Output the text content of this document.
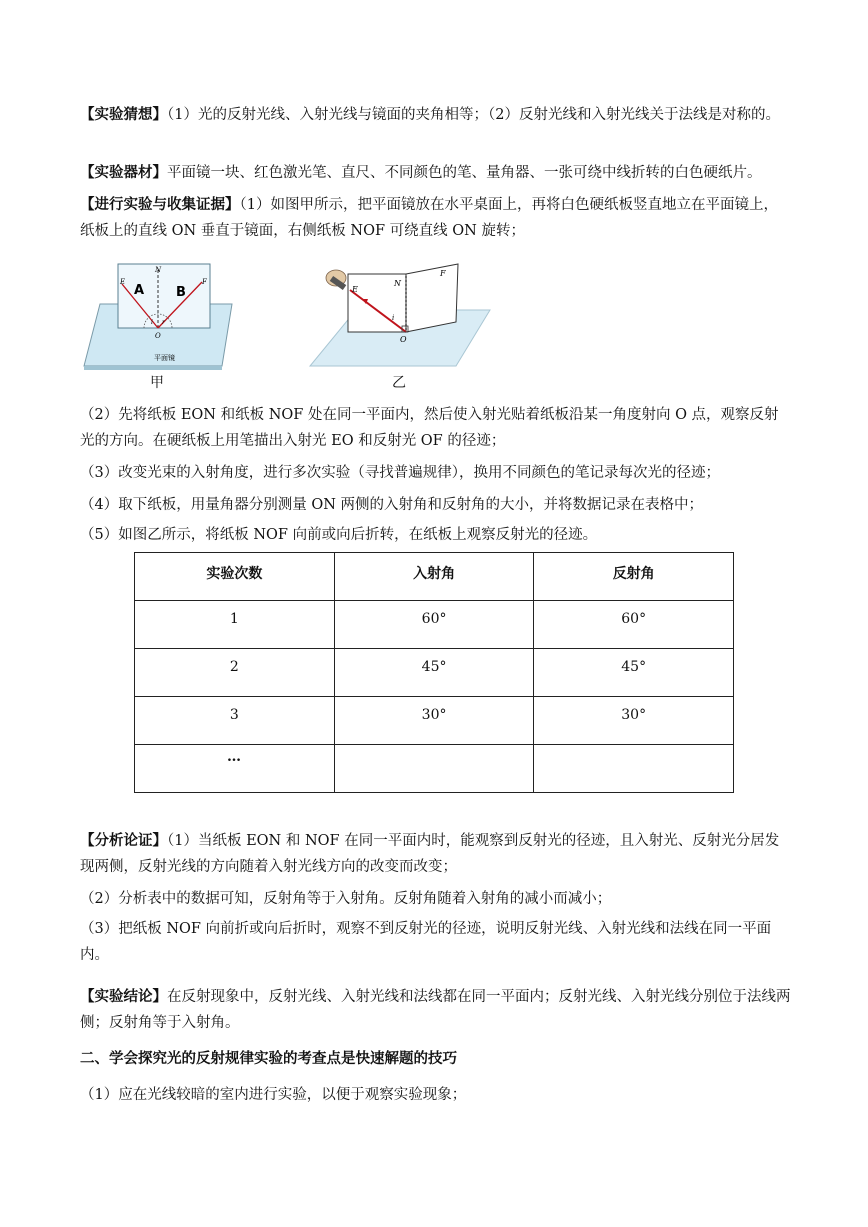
【实验猜想】（1）光的反射光线、入射光线与镜面的夹角相等；（2）反射光线和入射光线关于法线是对称的。
【实验器材】平面镜一块、红色激光笔、直尺、不同颜色的笔、量角器、一张可绕中线折转的白色硬纸片。
【进行实验与收集证据】（1）如图甲所示，把平面镜放在水平桌面上，再将白色硬纸板竖直地立在平面镜上，纸板上的直线 ON 垂直于镜面，右侧纸板 NOF 可绕直线 ON 旋转；
A B
N
E	F
O
i r
平面镜
甲
N
E
F
O
i
乙
（2）先将纸板 EON 和纸板 NOF 处在同一平面内，然后使入射光贴着纸板沿某一角度射向 O 点，观察反射光的方向。在硬纸板上用笔描出入射光 EO 和反射光 OF 的径迹；
（3）改变光束的入射角度，进行多次实验（寻找普遍规律），换用不同颜色的笔记录每次光的径迹；
（4）取下纸板，用量角器分别测量 ON 两侧的入射角和反射角的大小，并将数据记录在表格中；
（5）如图乙所示，将纸板 NOF 向前或向后折转，在纸板上观察反射光的径迹。
实验次数	入射角	反射角
1	60°	60°
2	45°	45°
3	30°	30°
…		
【分析论证】（1）当纸板 EON 和 NOF 在同一平面内时，能观察到反射光的径迹，且入射光、反射光分居发现两侧，反射光线的方向随着入射光线方向的改变而改变；
（2）分析表中的数据可知，反射角等于入射角。反射角随着入射角的减小而减小；
（3）把纸板 NOF 向前折或向后折时，观察不到反射光的径迹，说明反射光线、入射光线和法线在同一平面内。
【实验结论】在反射现象中，反射光线、入射光线和法线都在同一平面内；反射光线、入射光线分别位于法线两侧；反射角等于入射角。
二、学会探究光的反射规律实验的考查点是快速解题的技巧
（1）应在光线较暗的室内进行实验，以便于观察实验现象；
